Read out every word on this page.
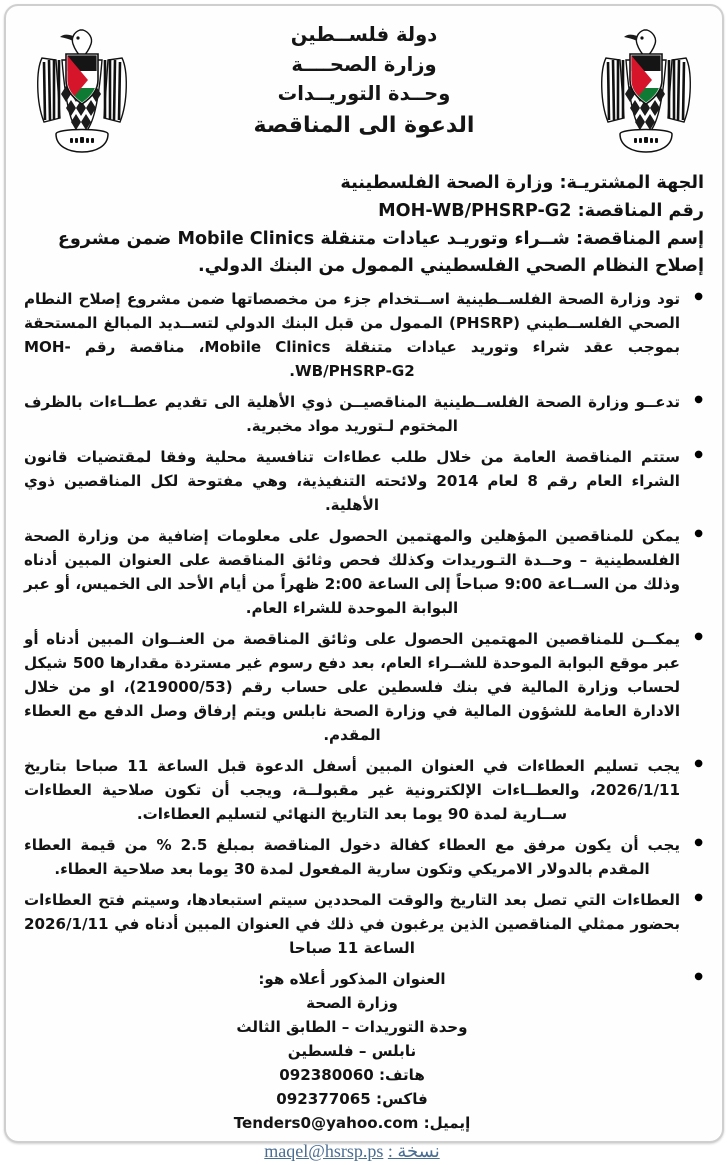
دولة فلســطين
وزارة الصحــــة
وحــدة التوريــدات
الدعوة الى المناقصة
الجهة المشتريـة: وزارة الصحة الفلسطينية
رقم المناقصة: MOH-WB/PHSRP-G2
إسم المناقصة: شــراء وتوريـد عيادات متنقلة Mobile Clinics ضمن مشروع إصلاح النظام الصحي الفلسطيني الممول من البنك الدولي.
● تود وزارة الصحة الفلســطينية اســتخدام جزء من مخصصاتها ضمن مشروع إصلاح النطام الصحي الفلســطيني (PHSRP) الممول من قبل البنك الدولي لتســديد المبالغ المستحقة بموجب عقد شراء وتوريد عيادات متنقلة Mobile Clinics، مناقصة رقم MOH-WB/PHSRP-G2.
● تدعــو وزارة الصحة الفلســطينية المناقصيــن ذوي الأهلية الى تقديم عطــاءات بالظرف المختوم لـتوريد مواد مخبرية.
● ستتم المناقصة العامة من خلال طلب عطاءات تنافسية محلية وفقا لمقتضيات قانون الشراء العام رقم 8 لعام 2014 ولائحته التنفيذية، وهي مفتوحة لكل المناقصين ذوي الأهلية.
● يمكن للمناقصين المؤهلين والمهتمين الحصول على معلومات إضافية من وزارة الصحة الفلسطينية – وحــدة التـوريدات وكذلك فحص وثائق المناقصة على العنوان المبين أدناه وذلك من الســاعة 9:00 صباحاً إلى الساعة 2:00 ظهراً من أيام الأحد الى الخميس، أو عبر البوابة الموحدة للشراء العام.
● يمكــن للمناقصين المهتمين الحصول على وثائق المناقصة من العنــوان المبين أدناه أو عبر موقع البوابة الموحدة للشــراء العام، بعد دفع رسوم غير مستردة مقدارها 500 شيكل لحساب وزارة المالية في بنك فلسطين على حساب رقم (219000/53)، او من خلال الادارة العامة للشؤون المالية في وزارة الصحة نابلس ويتم إرفاق وصل الدفع مع العطاء المقدم.
● يجب تسليم العطاءات في العنوان المبين أسفل الدعوة قبل الساعة 11 صباحا بتاريخ 2026/1/11، والعطــاءات الإلكترونية غير مقبولــة، ويجب أن تكون صلاحية العطاءات ســارية لمدة 90 يوما بعد التاريخ النهائي لتسليم العطاءات.
● يجب أن يكون مرفق مع العطاء كفالة دخول المناقصة بمبلغ 2.5 % من قيمة العطاء المقدم بالدولار الامريكي وتكون سارية المفعول لمدة 30 يوما بعد صلاحية العطاء.
● العطاءات التي تصل بعد التاريخ والوقت المحددين سيتم استبعادها، وسيتم فتح العطاءات بحضور ممثلي المناقصين الذين يرغبون في ذلك في العنوان المبين أدناه في 2026/1/11 الساعة 11 صباحا
● العنوان المذكور أعلاه هو:
وزارة الصحة
وحدة التوريدات – الطابق الثالث
نابلس – فلسطين
هاتف: 092380060
فاكس: 092377065
إيميل: Tenders0@yahoo.com
نسخة : maqel@hsrsp.ps
